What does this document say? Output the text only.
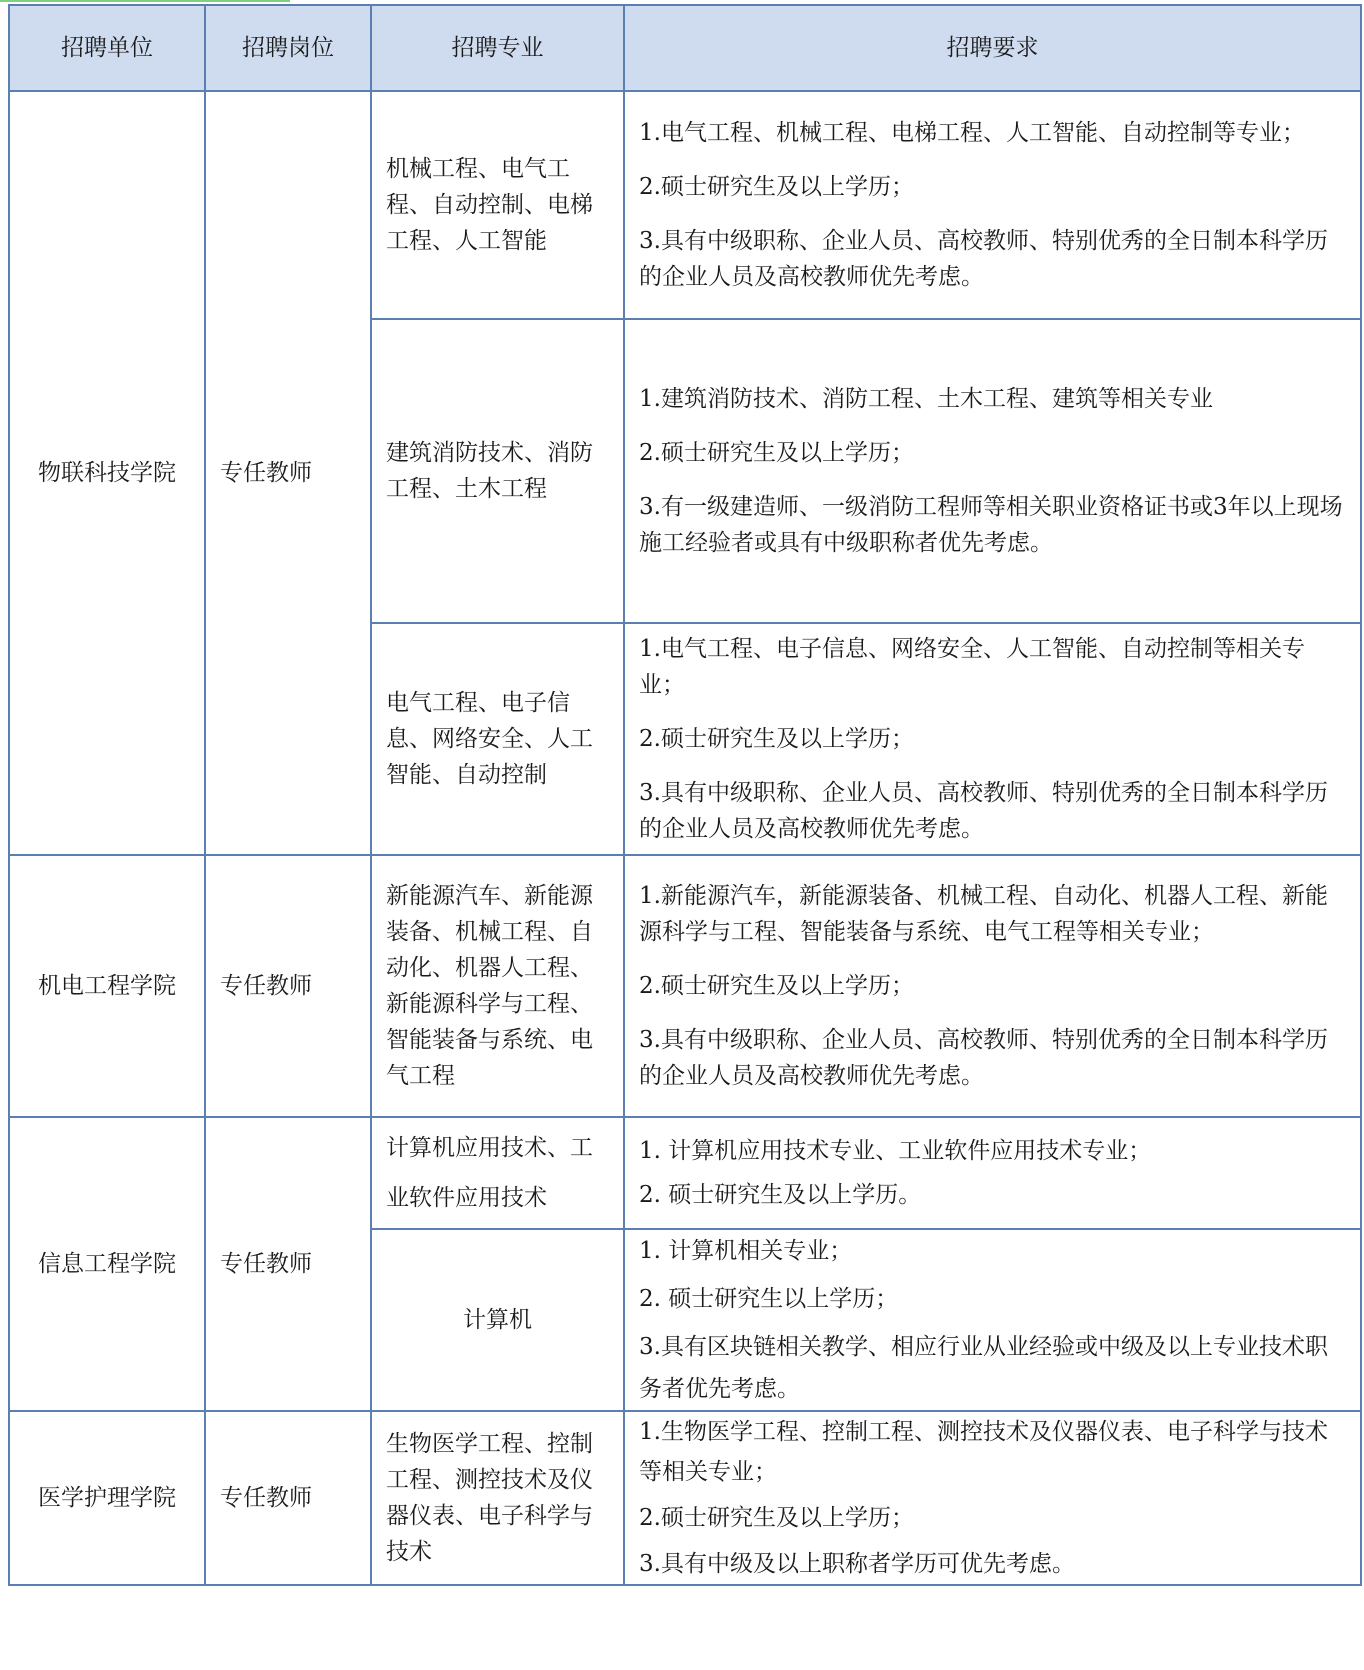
招聘单位	招聘岗位	招聘专业	招聘要求
物联科技学院	专任教师	机械工程、电气工程、自动控制、电梯工程、人工智能	1.电气工程、机械工程、电梯工程、人工智能、自动控制等专业；

2.硕士研究生及以上学历；

3.具有中级职称、企业人员、高校教师、特别优秀的全日制本科学历的企业人员及高校教师优先考虑。

		建筑消防技术、消防工程、土木工程	1.建筑消防技术、消防工程、土木工程、建筑等相关专业

2.硕士研究生及以上学历；

3.有一级建造师、一级消防工程师等相关职业资格证书或3年以上现场施工经验者或具有中级职称者优先考虑。

		电气工程、电子信息、网络安全、人工智能、自动控制	1.电气工程、电子信息、网络安全、人工智能、自动控制等相关专业；

2.硕士研究生及以上学历；

3.具有中级职称、企业人员、高校教师、特别优秀的全日制本科学历的企业人员及高校教师优先考虑。

机电工程学院	专任教师	新能源汽车、新能源装备、机械工程、自动化、机器人工程、新能源科学与工程、智能装备与系统、电气工程	1.新能源汽车，新能源装备、机械工程、自动化、机器人工程、新能源科学与工程、智能装备与系统、电气工程等相关专业；

2.硕士研究生及以上学历；

3.具有中级职称、企业人员、高校教师、特别优秀的全日制本科学历的企业人员及高校教师优先考虑。

信息工程学院	专任教师	计算机应用技术、工业软件应用技术	1. 计算机应用技术专业、工业软件应用技术专业；

2. 硕士研究生及以上学历。

		计算机	1. 计算机相关专业；

2. 硕士研究生以上学历；

3.具有区块链相关教学、相应行业从业经验或中级及以上专业技术职务者优先考虑。

医学护理学院	专任教师	生物医学工程、控制工程、测控技术及仪器仪表、电子科学与技术	1.生物医学工程、控制工程、测控技术及仪器仪表、电子科学与技术等相关专业；

2.硕士研究生及以上学历；

3.具有中级及以上职称者学历可优先考虑。
